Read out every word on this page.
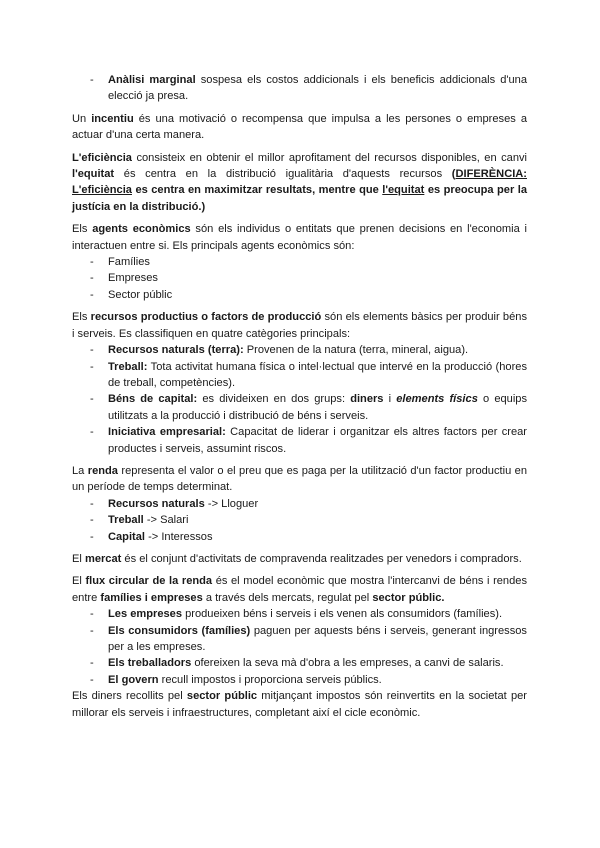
- Anàlisi marginal sospesa els costos addicionals i els beneficis addicionals d'una elecció ja presa.

Un incentiu és una motivació o recompensa que impulsa a les persones o empreses a actuar d'una certa manera.

L'eficiència consisteix en obtenir el millor aprofitament del recursos disponibles, en canvi l'equitat és centra en la distribució igualitària d'aquests recursos (DIFERÈNCIA: L'eficiència es centra en maximitzar resultats, mentre que l'equitat es preocupa per la justícia en la distribució.)

Els agents econòmics són els individus o entitats que prenen decisions en l'economia i interactuen entre si. Els principals agents econòmics són:

- Famílies
- Empreses
- Sector públic

Els recursos productius o factors de producció són els elements bàsics per produir béns i serveis. Es classifiquen en quatre catègories principals:

- Recursos naturals (terra): Provenen de la natura (terra, mineral, aigua).
- Treball: Tota activitat humana física o intel·lectual que intervé en la producció (hores de treball, competències).
- Béns de capital: es divideixen en dos grups: diners i elements físics o equips utilitzats a la producció i distribució de béns i serveis.
- Iniciativa empresarial: Capacitat de liderar i organitzar els altres factors per crear productes i serveis, assumint riscos.

La renda representa el valor o el preu que es paga per la utilització d'un factor productiu en un període de temps determinat.

- Recursos naturals -> Lloguer
- Treball -> Salari
- Capital -> Interessos

El mercat és el conjunt d'activitats de compravenda realitzades per venedors i compradors.

El flux circular de la renda és el model econòmic que mostra l'intercanvi de béns i rendes entre famílies i empreses a través dels mercats, regulat pel sector públic.

- Les empreses produeixen béns i serveis i els venen als consumidors (famílies).
- Els consumidors (famílies) paguen per aquests béns i serveis, generant ingressos per a les empreses.
- Els treballadors ofereixen la seva mà d'obra a les empreses, a canvi de salaris.
- El govern recull impostos i proporciona serveis públics.

Els diners recollits pel sector públic mitjançant impostos són reinvertits en la societat per millorar els serveis i infraestructures, completant així el cicle econòmic.
